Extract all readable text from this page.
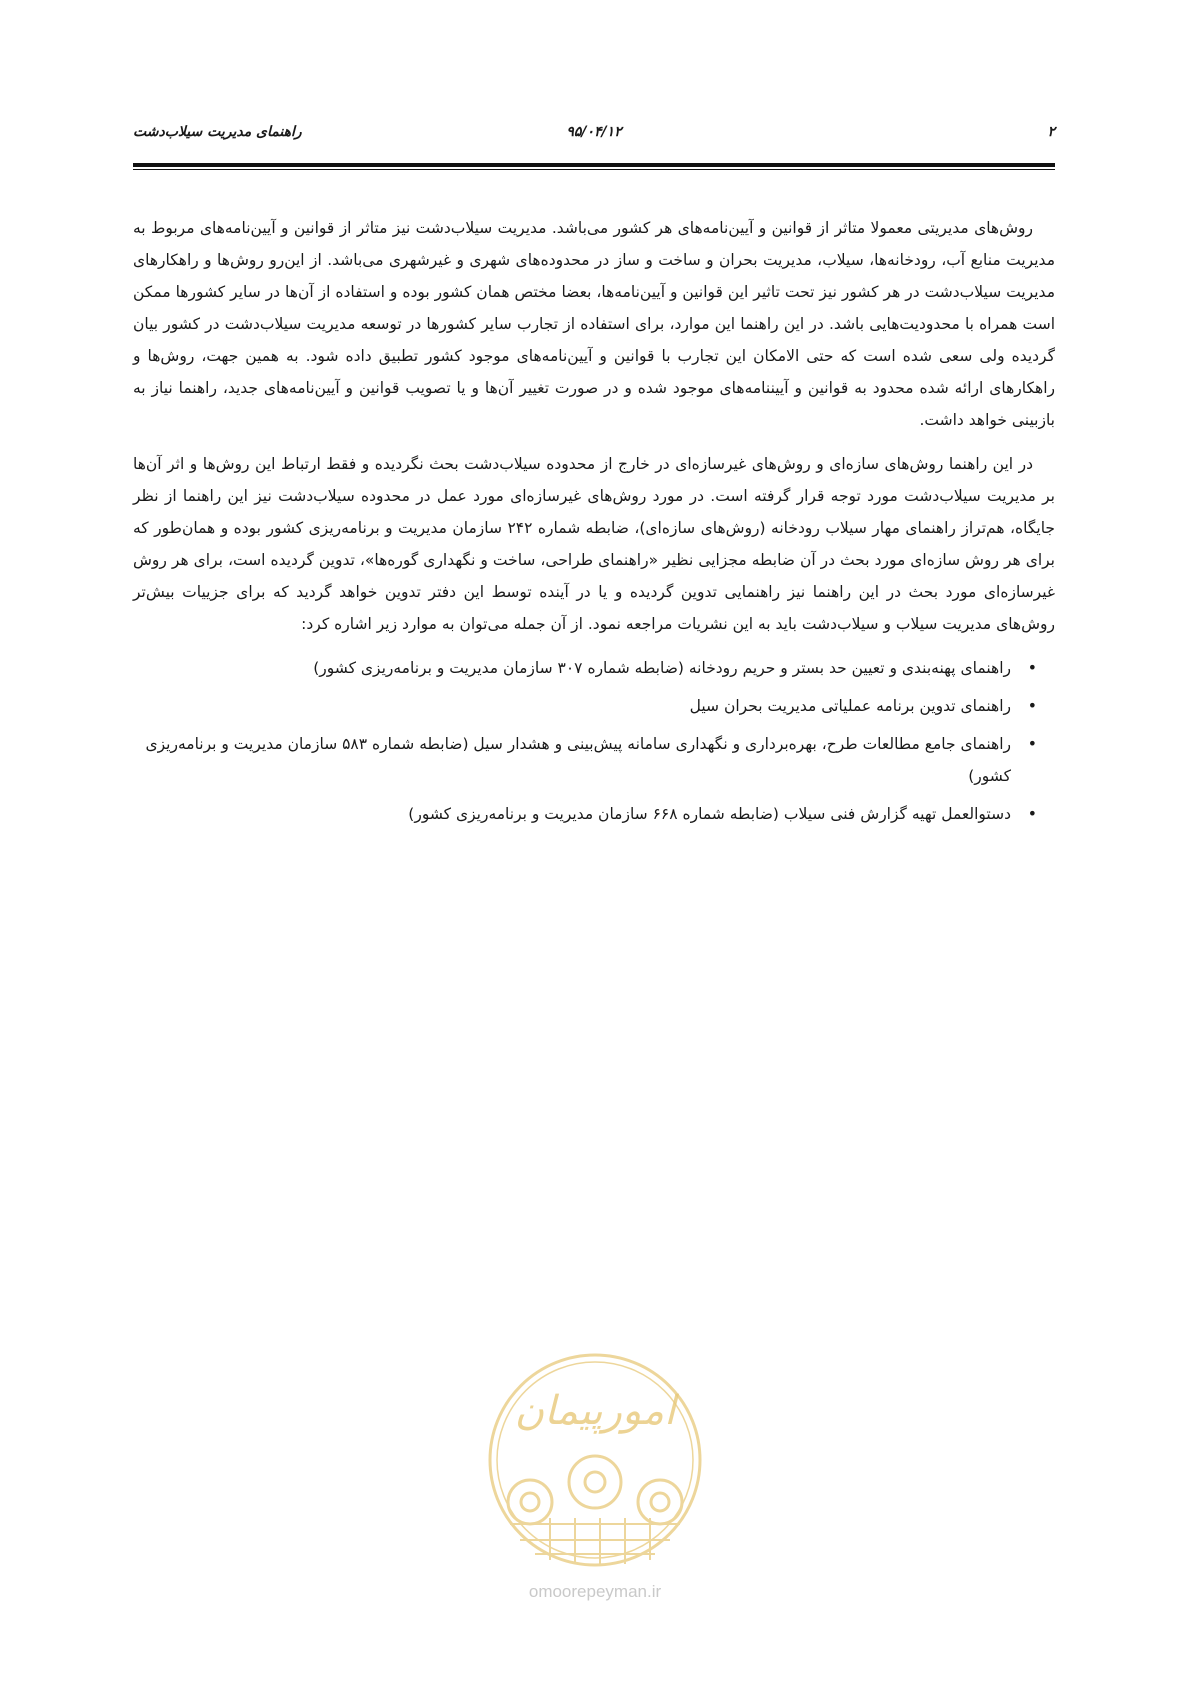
۲
۹۵/۰۴/۱۲
راهنمای مدیریت سیلاب‌دشت

روش‌های مدیریتی معمولا متاثر از قوانین و آیین‌نامه‌های هر کشور می‌باشد. مدیریت سیلاب‌دشت نیز متاثر از قوانین و آیین‌نامه‌های مربوط به مدیریت منابع آب، رودخانه‌ها، سیلاب، مدیریت بحران و ساخت و ساز در محدوده‌های شهری و غیرشهری می‌باشد. از این‌رو روش‌ها و راهکارهای مدیریت سیلاب‌دشت در هر کشور نیز تحت تاثیر این قوانین و آیین‌نامه‌ها، بعضا مختص همان کشور بوده و استفاده از آن‌ها در سایر کشورها ممکن است همراه با محدودیت‌هایی باشد. در این راهنما این موارد، برای استفاده از تجارب سایر کشورها در توسعه مدیریت سیلاب‌دشت در کشور بیان گردیده ولی سعی شده است که حتی الامکان این تجارب با قوانین و آیین‌نامه‌های موجود کشور تطبیق داده شود. به همین جهت، روش‌ها و راهکارهای ارائه شده محدود به قوانین و آییننامه‌های موجود شده و در صورت تغییر آن‌ها و یا تصویب قوانین و آیین‌نامه‌های جدید، راهنما نیاز به بازبینی خواهد داشت.

در این راهنما روش‌های سازه‌ای و روش‌های غیرسازه‌ای در خارج از محدوده سیلاب‌دشت بحث نگردیده و فقط ارتباط این روش‌ها و اثر آن‌ها بر مدیریت سیلاب‌دشت مورد توجه قرار گرفته است. در مورد روش‌های غیرسازه‌ای مورد عمل در محدوده سیلاب‌دشت نیز این راهنما از نظر جایگاه، هم‌تراز راهنمای مهار سیلاب رودخانه (روش‌های سازه‌ای)، ضابطه شماره ۲۴۲ سازمان مدیریت و برنامه‌ریزی کشور بوده و همان‌طور که برای هر روش سازه‌ای مورد بحث در آن ضابطه مجزایی نظیر «راهنمای طراحی، ساخت و نگهداری گوره‌ها»، تدوین گردیده است، برای هر روش غیرسازه‌ای مورد بحث در این راهنما نیز راهنمایی تدوین گردیده و یا در آینده توسط این دفتر تدوین خواهد گردید که برای جزییات بیش‌تر روش‌های مدیریت سیلاب و سیلاب‌دشت باید به این نشریات مراجعه نمود. از آن جمله می‌توان به موارد زیر اشاره کرد:

• راهنمای پهنه‌بندی و تعیین حد بستر و حریم رودخانه (ضابطه شماره ۳۰۷ سازمان مدیریت و برنامه‌ریزی کشور)
• راهنمای تدوین برنامه عملیاتی مدیریت بحران سیل
• راهنمای جامع مطالعات طرح، بهره‌برداری و نگهداری سامانه پیش‌بینی و هشدار سیل (ضابطه شماره ۵۸۳ سازمان مدیریت و برنامه‌ریزی کشور)
• دستوالعمل تهیه گزارش فنی سیلاب (ضابطه شماره ۶۶۸ سازمان مدیریت و برنامه‌ریزی کشور)
امورپیمان
omoorepeyman.ir
